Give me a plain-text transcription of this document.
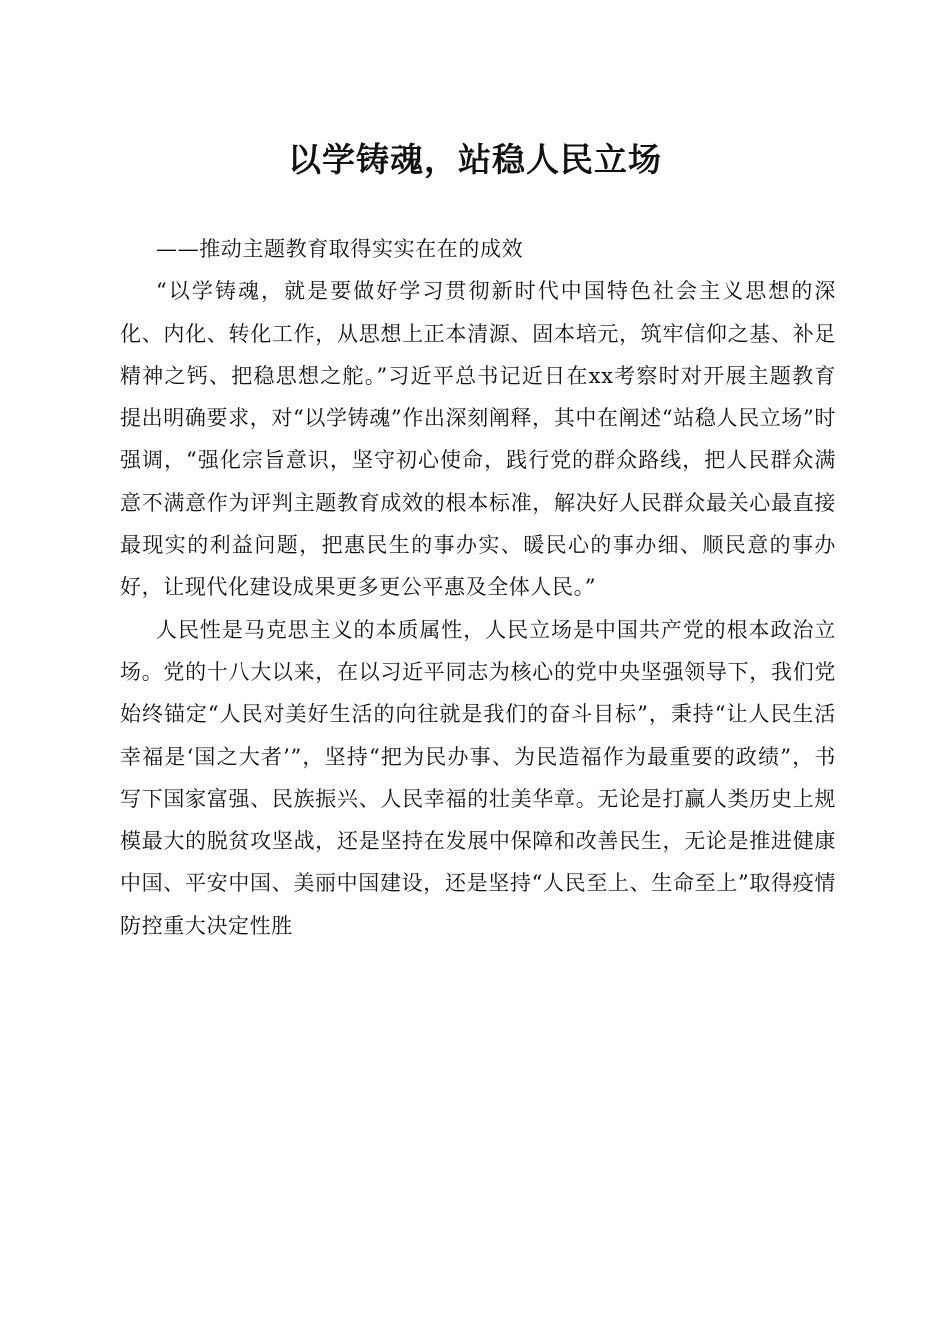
以学铸魂，站稳人民立场

——推动主题教育取得实实在在的成效

“以学铸魂，就是要做好学习贯彻新时代中国特色社会主义思想的深化、内化、转化工作，从思想上正本清源、固本培元，筑牢信仰之基、补足精神之钙、把稳思想之舵。”习近平总书记近日在xx考察时对开展主题教育提出明确要求，对“以学铸魂”作出深刻阐释，其中在阐述“站稳人民立场”时强调，“强化宗旨意识，坚守初心使命，践行党的群众路线，把人民群众满意不满意作为评判主题教育成效的根本标准，解决好人民群众最关心最直接最现实的利益问题，把惠民生的事办实、暖民心的事办细、顺民意的事办好，让现代化建设成果更多更公平惠及全体人民。”

人民性是马克思主义的本质属性，人民立场是中国共产党的根本政治立场。党的十八大以来，在以习近平同志为核心的党中央坚强领导下，我们党始终锚定“人民对美好生活的向往就是我们的奋斗目标”，秉持“让人民生活幸福是‘国之大者’”，坚持“把为民办事、为民造福作为最重要的政绩”，书写下国家富强、民族振兴、人民幸福的壮美华章。无论是打赢人类历史上规模最大的脱贫攻坚战，还是坚持在发展中保障和改善民生，无论是推进健康中国、平安中国、美丽中国建设，还是坚持“人民至上、生命至上”取得疫情防控重大决定性胜
